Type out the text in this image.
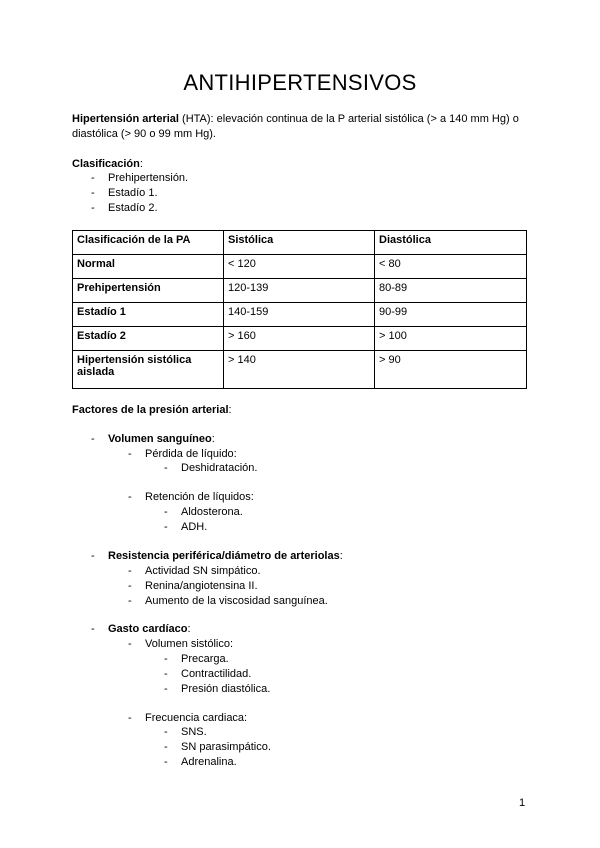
ANTIHIPERTENSIVOS

Hipertensión arterial (HTA): elevación continua de la P arterial sistólica (> a 140 mm Hg) o diastólica (> 90 o 99 mm Hg).

Clasificación:

- Prehipertensión.
- Estadío 1.
- Estadío 2.
Clasificación de la PA	Sistólica	Diastólica
Normal	< 120	< 80
Prehipertensión	120-139	80-89
Estadío 1	140-159	90-99
Estadío 2	> 160	> 100
Hipertensión sistólica aislada	> 140	> 90

Factores de la presión arterial:

- Volumen sanguíneo:
- Pérdida de líquido:
- Deshidratación.
- Retención de líquidos:
- Aldosterona.
- ADH.
- Resistencia periférica/diámetro de arteriolas:
- Actividad SN simpático.
- Renina/angiotensina II.
- Aumento de la viscosidad sanguínea.
- Gasto cardíaco:
- Volumen sistólico:
- Precarga.
- Contractilidad.
- Presión diastólica.
- Frecuencia cardiaca:
- SNS.
- SN parasimpático.
- Adrenalina.
1
